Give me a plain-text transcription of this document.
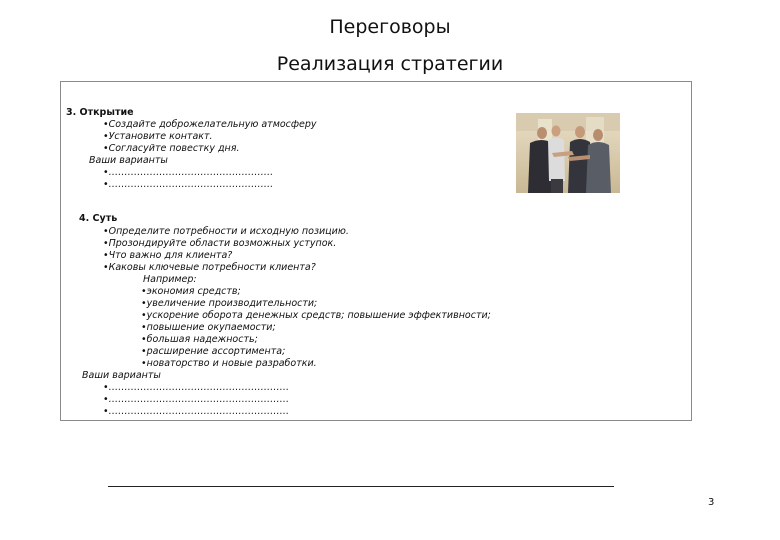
Переговоры
Реализация стратегии
3. Открытие
•Создайте доброжелательную атмосферу
•Установите контакт.
•Согласуйте повестку дня.
Ваши варианты
•…………………………………………….
•…………………………………………….
4. Суть
•Определите потребности и исходную позицию.
•Прозондируйте области возможных уступок.
•Что важно для клиента?
•Каковы ключевые потребности клиента?
Например:
•экономия средств;
•увеличение производительности;
•ускорение оборота денежных средств; повышение эффективности;
•повышение окупаемости;
•большая надежность;
•расширение ассортимента;
•новаторство и новые разработки.
Ваши варианты
•…………………………………………………
•…………………………………………………
•…………………………………………………
3
